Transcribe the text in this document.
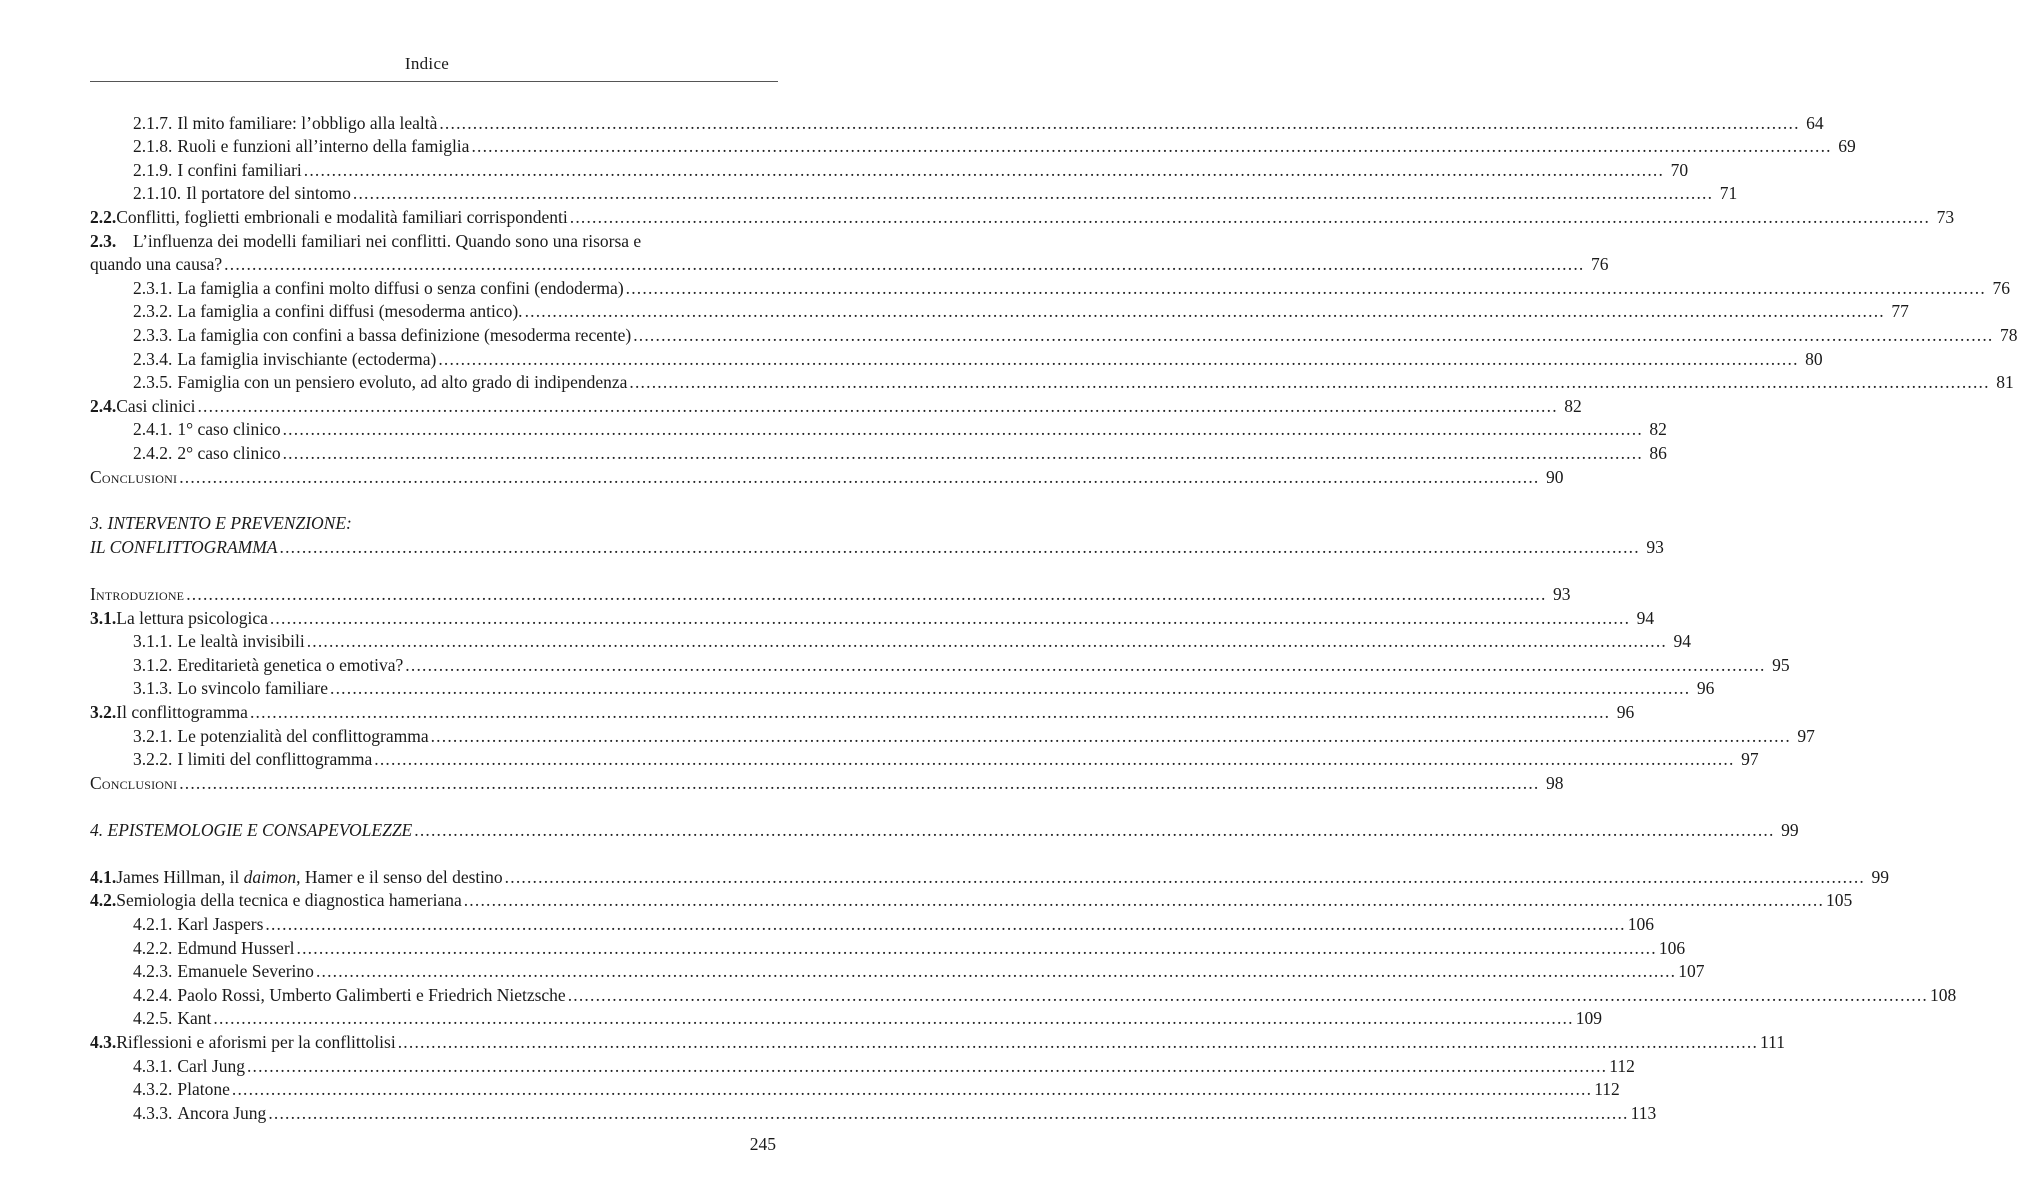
Indice
2.1.7. Il mito familiare: l’obbligo alla lealtà .....	64
2.1.8. Ruoli e funzioni all’interno della famiglia .....	69
2.1.9. I confini familiari .....	70
2.1.10. Il portatore del sintomo .....	71
2.2. Conflitti, foglietti embrionali e modalità familiari corrispondenti .....	73
2.3. L’influenza dei modelli familiari nei conflitti. Quando sono una risorsa e
quando una causa? .....	76
2.3.1. La famiglia a confini molto diffusi o senza confini (endoderma) .....	76
2.3.2. La famiglia a confini diffusi (mesoderma antico). .....	77
2.3.3. La famiglia con confini a bassa definizione (mesoderma recente) .....	78
2.3.4. La famiglia invischiante (ectoderma) .....	80
2.3.5. Famiglia con un pensiero evoluto, ad alto grado di indipendenza .....	81
2.4. Casi clinici .....	82
2.4.1. 1° caso clinico .....	82
2.4.2. 2° caso clinico .....	86
Conclusioni .....	90
3. INTERVENTO E PREVENZIONE:
IL CONFLITTOGRAMMA .....	93
Introduzione .....	93
3.1. La lettura psicologica .....	94
3.1.1. Le lealtà invisibili .....	94
3.1.2. Ereditarietà genetica o emotiva? .....	95
3.1.3. Lo svincolo familiare .....	96
3.2. Il conflittogramma .....	96
3.2.1. Le potenzialità del conflittogramma .....	97
3.2.2. I limiti del conflittogramma .....	97
Conclusioni .....	98
4. EPISTEMOLOGIE E CONSAPEVOLEZZE .....	99
4.1. James Hillman, il daimon, Hamer e il senso del destino .....	99
4.2. Semiologia della tecnica e diagnostica hameriana .....	105
4.2.1. Karl Jaspers .....	106
4.2.2. Edmund Husserl .....	106
4.2.3. Emanuele Severino .....	107
4.2.4. Paolo Rossi, Umberto Galimberti e Friedrich Nietzsche .....	108
4.2.5. Kant .....	109
4.3. Riflessioni e aforismi per la conflittolisi .....	111
4.3.1. Carl Jung .....	112
4.3.2. Platone .....	112
4.3.3. Ancora Jung .....	113
245
